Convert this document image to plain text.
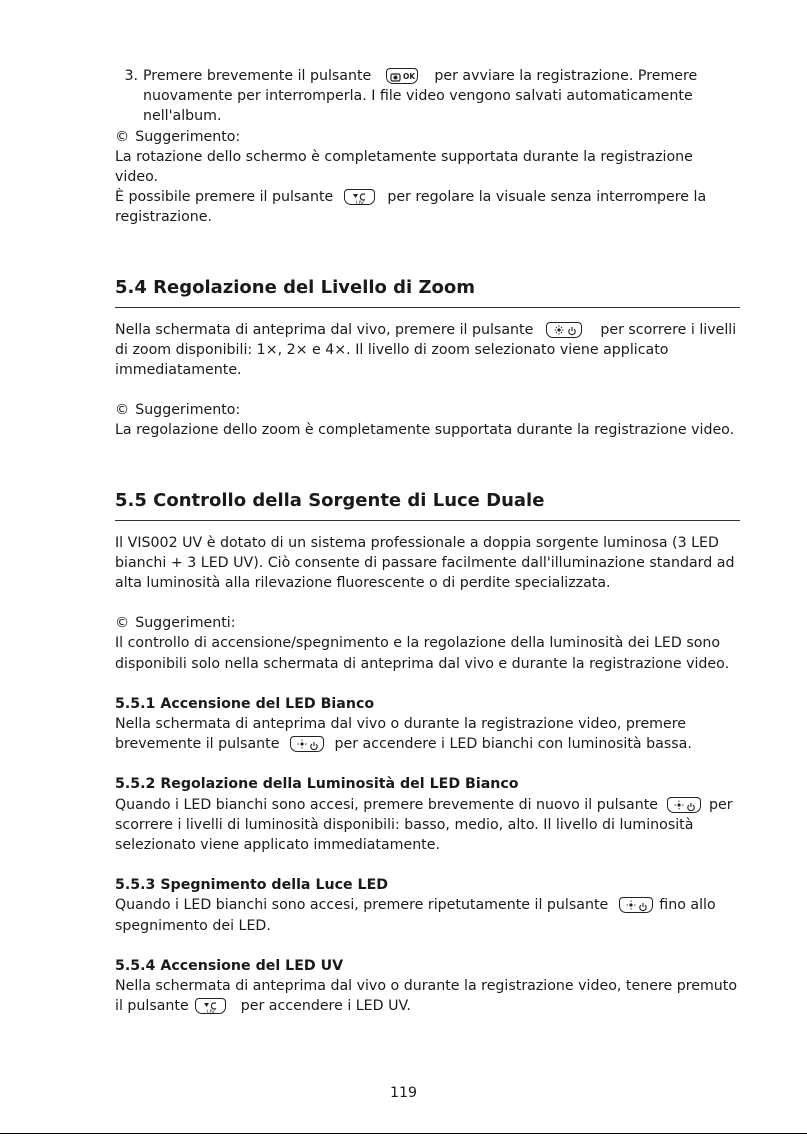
3. Premere brevemente il pulsante	OK per avviare la registrazione. Premere nuovamente per interromperla. I file video vengono salvati automaticamente nell'album.
© Suggerimento:

La rotazione dello schermo è completamente supportata durante la registrazione video.
È possibile premere il pulsante	UV per regolare la visuale senza interrompere la registrazione.

5.4 Regolazione del Livello di Zoom

Nella schermata di anteprima dal vivo, premere il pulsante	per scorrere i livelli di zoom disponibili: 1×, 2× e 4×. Il livello di zoom selezionato viene applicato immediatamente.

© Suggerimento:

La regolazione dello zoom è completamente supportata durante la registrazione video.

5.5 Controllo della Sorgente di Luce Duale

Il VIS002 UV è dotato di un sistema professionale a doppia sorgente luminosa (3 LED bianchi + 3 LED UV). Ciò consente di passare facilmente dall'illuminazione standard ad alta luminosità alla rilevazione fluorescente o di perdite specializzata.

© Suggerimenti:

Il controllo di accensione/spegnimento e la regolazione della luminosità dei LED sono disponibili solo nella schermata di anteprima dal vivo e durante la registrazione video.

5.5.1 Accensione del LED Bianco

Nella schermata di anteprima dal vivo o durante la registrazione video, premere brevemente il pulsante	per accendere i LED bianchi con luminosità bassa.

5.5.2 Regolazione della Luminosità del LED Bianco

Quando i LED bianchi sono accesi, premere brevemente di nuovo il pulsante	per scorrere i livelli di luminosità disponibili: basso, medio, alto. Il livello di luminosità selezionato viene applicato immediatamente.

5.5.3 Spegnimento della Luce LED

Quando i LED bianchi sono accesi, premere ripetutamente il pulsante	fino allo spegnimento dei LED.

5.5.4 Accensione del LED UV

Nella schermata di anteprima dal vivo o durante la registrazione video, tenere premuto il pulsante	UV per accendere i LED UV.

119
